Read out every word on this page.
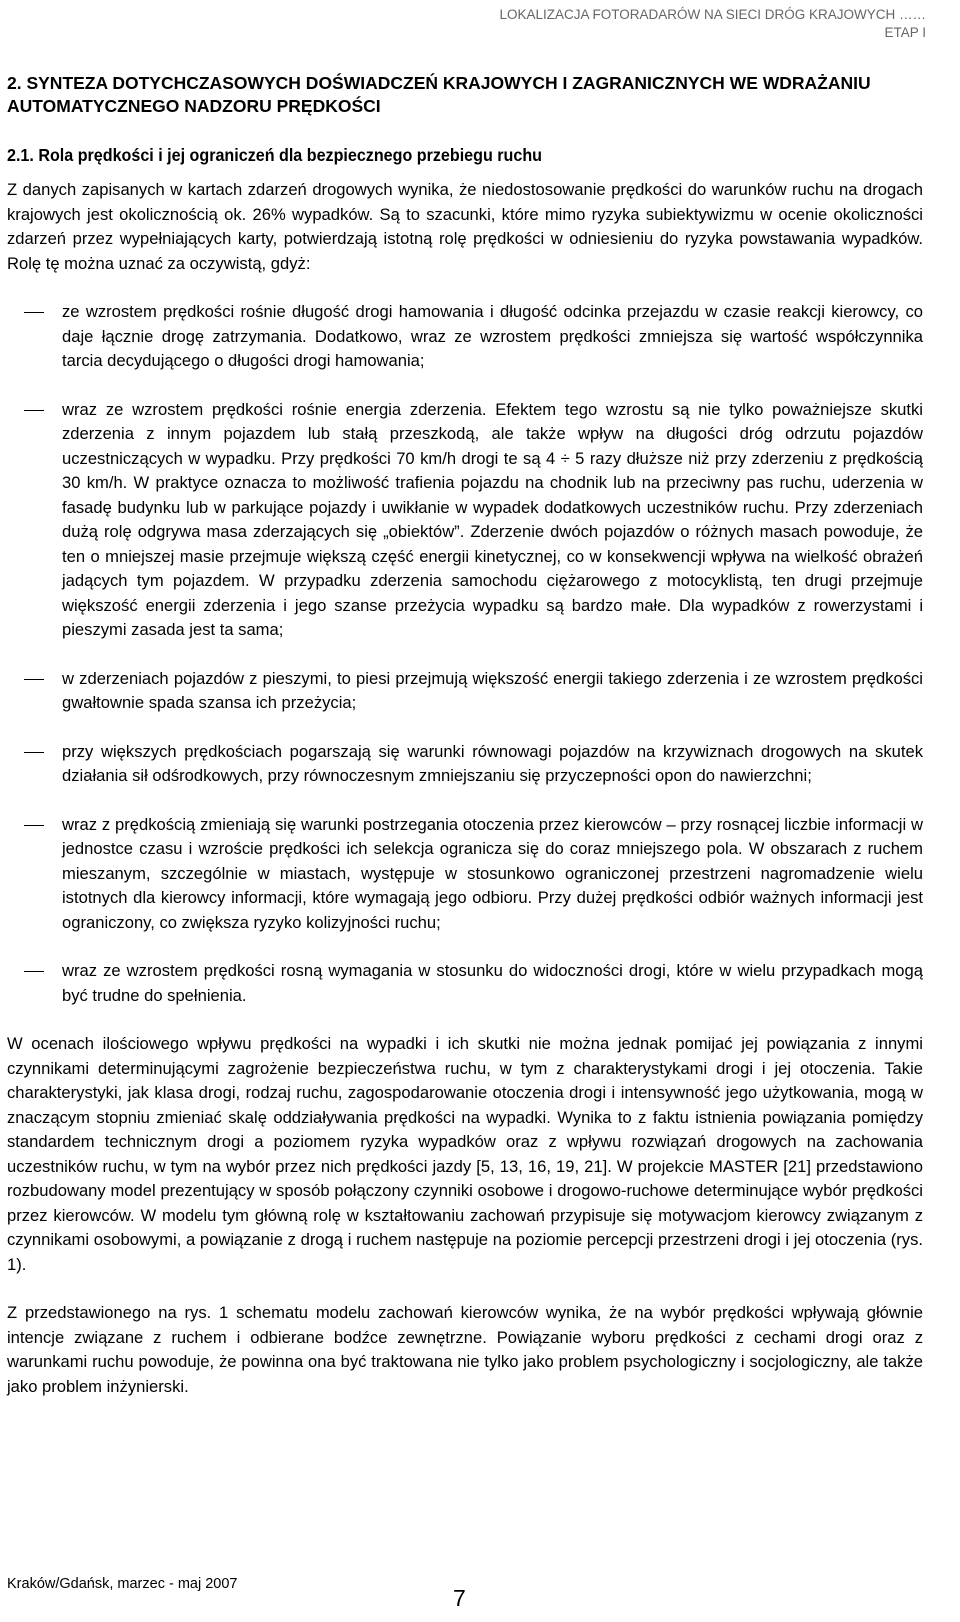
LOKALIZACJA FOTORADARÓW NA SIECI DRÓG KRAJOWYCH ……
ETAP I
2. SYNTEZA DOTYCHCZASOWYCH DOŚWIADCZEŃ KRAJOWYCH I ZAGRANICZNYCH WE WDRAŻANIU AUTOMATYCZNEGO NADZORU PRĘDKOŚCI
2.1. Rola prędkości i jej ograniczeń dla bezpiecznego przebiegu ruchu

Z danych zapisanych w kartach zdarzeń drogowych wynika, że niedostosowanie prędkości do warunków ruchu na drogach krajowych jest okolicznością ok. 26% wypadków. Są to szacunki, które mimo ryzyka subiektywizmu w ocenie okoliczności zdarzeń przez wypełniających karty, potwierdzają istotną rolę prędkości w odniesieniu do ryzyka powstawania wypadków. Rolę tę można uznać za oczywistą, gdyż:

ze wzrostem prędkości rośnie długość drogi hamowania i długość odcinka przejazdu w czasie reakcji kierowcy, co daje łącznie drogę zatrzymania. Dodatkowo, wraz ze wzrostem prędkości zmniejsza się wartość współczynnika tarcia decydującego o długości drogi hamowania;
wraz ze wzrostem prędkości rośnie energia zderzenia. Efektem tego wzrostu są nie tylko poważniejsze skutki zderzenia z innym pojazdem lub stałą przeszkodą, ale także wpływ na długości dróg odrzutu pojazdów uczestniczących w wypadku. Przy prędkości 70 km/h drogi te są 4 ÷ 5 razy dłuższe niż przy zderzeniu z prędkością 30 km/h. W praktyce oznacza to możliwość trafienia pojazdu na chodnik lub na przeciwny pas ruchu, uderzenia w fasadę budynku lub w parkujące pojazdy i uwikłanie w wypadek dodatkowych uczestników ruchu. Przy zderzeniach dużą rolę odgrywa masa zderzających się „obiektów”. Zderzenie dwóch pojazdów o różnych masach powoduje, że ten o mniejszej masie przejmuje większą część energii kinetycznej, co w konsekwencji wpływa na wielkość obrażeń jadących tym pojazdem. W przypadku zderzenia samochodu ciężarowego z motocyklistą, ten drugi przejmuje większość energii zderzenia i jego szanse przeżycia wypadku są bardzo małe. Dla wypadków z rowerzystami i pieszymi zasada jest ta sama;
w zderzeniach pojazdów z pieszymi, to piesi przejmują większość energii takiego zderzenia i ze wzrostem prędkości gwałtownie spada szansa ich przeżycia;
przy większych prędkościach pogarszają się warunki równowagi pojazdów na krzywiznach drogowych na skutek działania sił odśrodkowych, przy równoczesnym zmniejszaniu się przyczepności opon do nawierzchni;
wraz z prędkością zmieniają się warunki postrzegania otoczenia przez kierowców – przy rosnącej liczbie informacji w jednostce czasu i wzroście prędkości ich selekcja ogranicza się do coraz mniejszego pola. W obszarach z ruchem mieszanym, szczególnie w miastach, występuje w stosunkowo ograniczonej przestrzeni nagromadzenie wielu istotnych dla kierowcy informacji, które wymagają jego odbioru. Przy dużej prędkości odbiór ważnych informacji jest ograniczony, co zwiększa ryzyko kolizyjności ruchu;
wraz ze wzrostem prędkości rosną wymagania w stosunku do widoczności drogi, które w wielu przypadkach mogą być trudne do spełnienia.

W ocenach ilościowego wpływu prędkości na wypadki i ich skutki nie można jednak pomijać jej powiązania z innymi czynnikami determinującymi zagrożenie bezpieczeństwa ruchu, w tym z charakterystykami drogi i jej otoczenia. Takie charakterystyki, jak klasa drogi, rodzaj ruchu, zagospodarowanie otoczenia drogi i intensywność jego użytkowania, mogą w znaczącym stopniu zmieniać skalę oddziaływania prędkości na wypadki. Wynika to z faktu istnienia powiązania pomiędzy standardem technicznym drogi a poziomem ryzyka wypadków oraz z wpływu rozwiązań drogowych na zachowania uczestników ruchu, w tym na wybór przez nich prędkości jazdy [5, 13, 16, 19, 21]. W projekcie MASTER [21] przedstawiono rozbudowany model prezentujący w sposób połączony czynniki osobowe i drogowo-ruchowe determinujące wybór prędkości przez kierowców. W modelu tym główną rolę w kształtowaniu zachowań przypisuje się motywacjom kierowcy związanym z czynnikami osobowymi, a powiązanie z drogą i ruchem następuje na poziomie percepcji przestrzeni drogi i jej otoczenia (rys. 1).

Z przedstawionego na rys. 1 schematu modelu zachowań kierowców wynika, że na wybór prędkości wpływają głównie intencje związane z ruchem i odbierane bodźce zewnętrzne. Powiązanie wyboru prędkości z cechami drogi oraz z warunkami ruchu powoduje, że powinna ona być traktowana nie tylko jako problem psychologiczny i socjologiczny, ale także jako problem inżynierski.

Kraków/Gdańsk, marzec - maj 2007
7
